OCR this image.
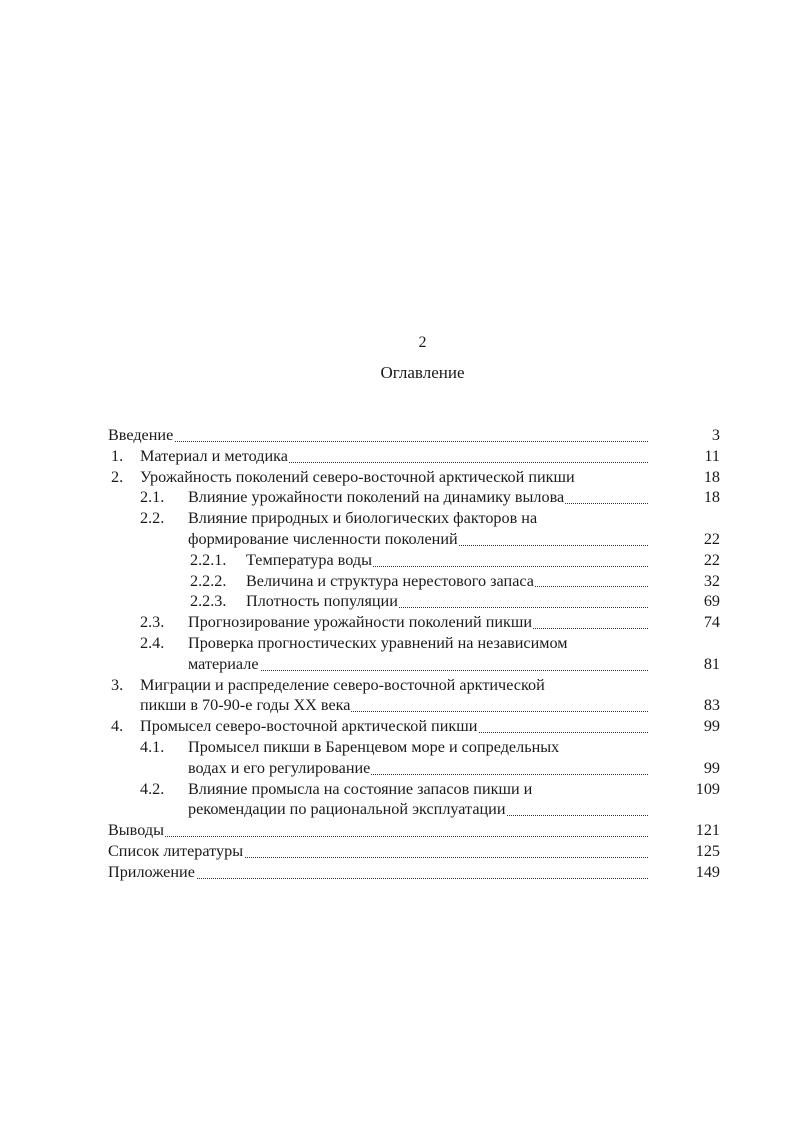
2
Оглавление
Введение	3
1. Материал и методика	11
2. Урожайность поколений северо-восточной арктической пикши	18
2.1. Влияние урожайности поколений на динамику вылова	18
2.2. Влияние природных и биологических факторов на
формирование численности поколений	22
2.2.1. Температура воды	22
2.2.2. Величина и структура нерестового запаса	32
2.2.3. Плотность популяции	69
2.3. Прогнозирование урожайности поколений пикши	74
2.4. Проверка прогностических уравнений на независимом
материале	81
3. Миграции и распределение северо-восточной арктической
пикши в 70-90-е годы XX века	83
4. Промысел северо-восточной арктической пикши	99
4.1. Промысел пикши в Баренцевом море и сопредельных
водах и его регулирование	99
4.2. Влияние промысла на состояние запасов пикши и	109
рекомендации по рациональной эксплуатации
Выводы	121
Список литературы	125
Приложение	149
